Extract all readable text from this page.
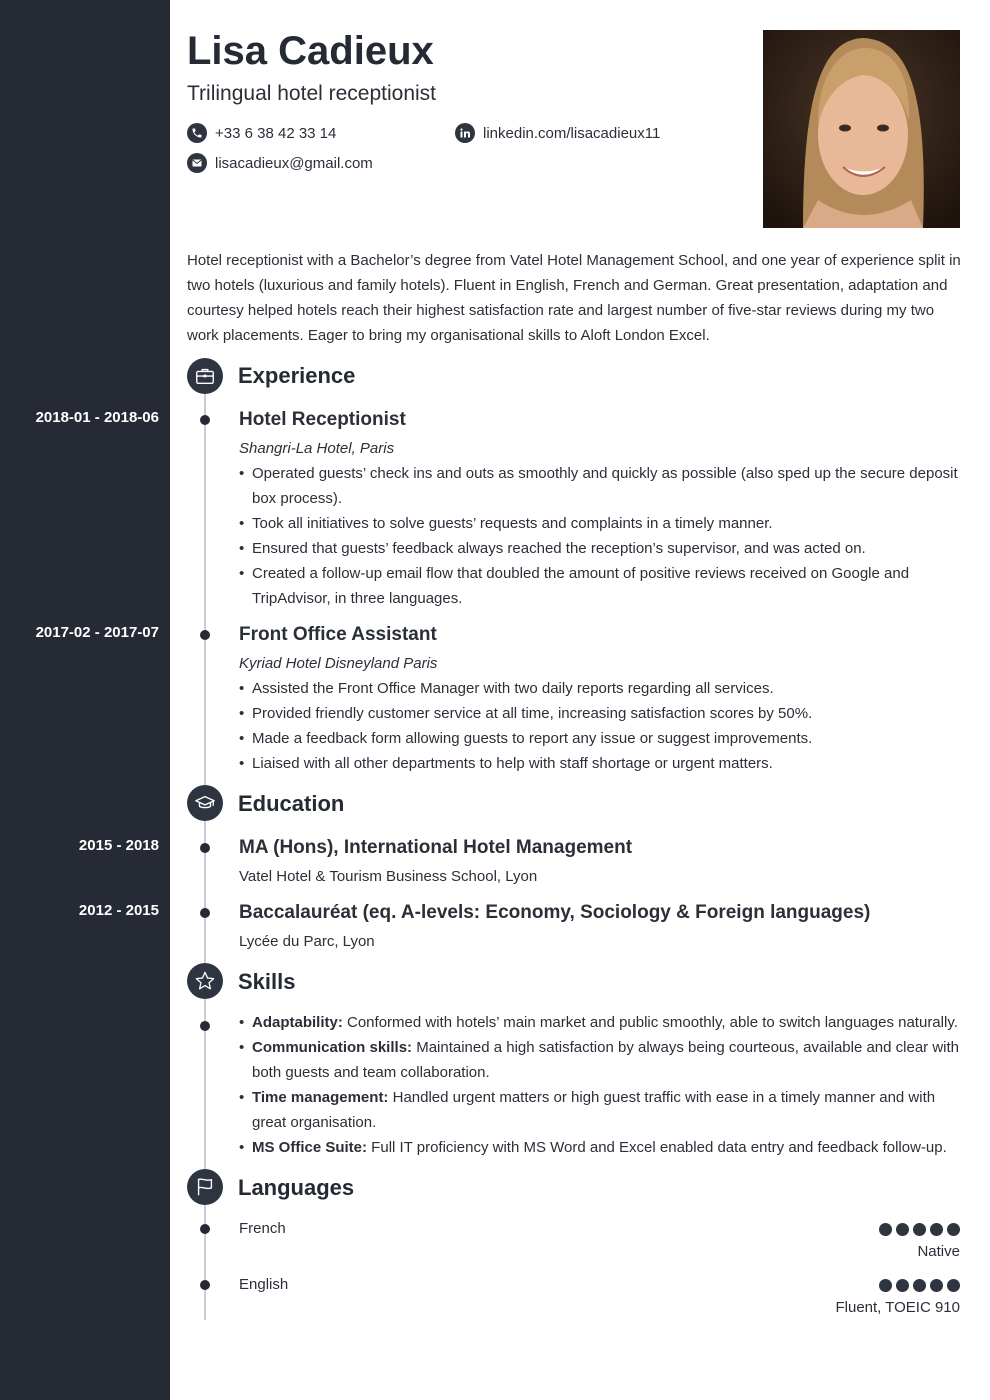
Lisa Cadieux
Trilingual hotel receptionist
+33 6 38 42 33 14	linkedin.com/lisacadieux11
lisacadieux@gmail.com

Hotel receptionist with a Bachelor’s degree from Vatel Hotel Management School, and one year of experience split in two hotels (luxurious and family hotels). Fluent in English, French and German. Great presentation, adaptation and courtesy helped hotels reach their highest satisfaction rate and largest number of five-star reviews during my two work placements. Eager to bring my organisational skills to Aloft London Excel.

Experience
2018-01 - 2018-06	Hotel Receptionist
Shangri-La Hotel, Paris
• Operated guests’ check ins and outs as smoothly and quickly as possible (also sped up the secure deposit box process).
• Took all initiatives to solve guests’ requests and complaints in a timely manner.
• Ensured that guests’ feedback always reached the reception’s supervisor, and was acted on.
• Created a follow-up email flow that doubled the amount of positive reviews received on Google and TripAdvisor, in three languages.
2017-02 - 2017-07	Front Office Assistant
Kyriad Hotel Disneyland Paris
• Assisted the Front Office Manager with two daily reports regarding all services.
• Provided friendly customer service at all time, increasing satisfaction scores by 50%.
• Made a feedback form allowing guests to report any issue or suggest improvements.
• Liaised with all other departments to help with staff shortage or urgent matters.
Education
2015 - 2018	MA (Hons), International Hotel Management
Vatel Hotel & Tourism Business School, Lyon
2012 - 2015	Baccalauréat (eq. A-levels: Economy, Sociology & Foreign languages)
Lycée du Parc, Lyon
Skills
• Adaptability: Conformed with hotels’ main market and public smoothly, able to switch languages naturally.
• Communication skills: Maintained a high satisfaction by always being courteous, available and clear with both guests and team collaboration.
• Time management: Handled urgent matters or high guest traffic with ease in a timely manner and with great organisation.
• MS Office Suite: Full IT proficiency with MS Word and Excel enabled data entry and feedback follow-up.
Languages
French
Native
English
Fluent, TOEIC 910
